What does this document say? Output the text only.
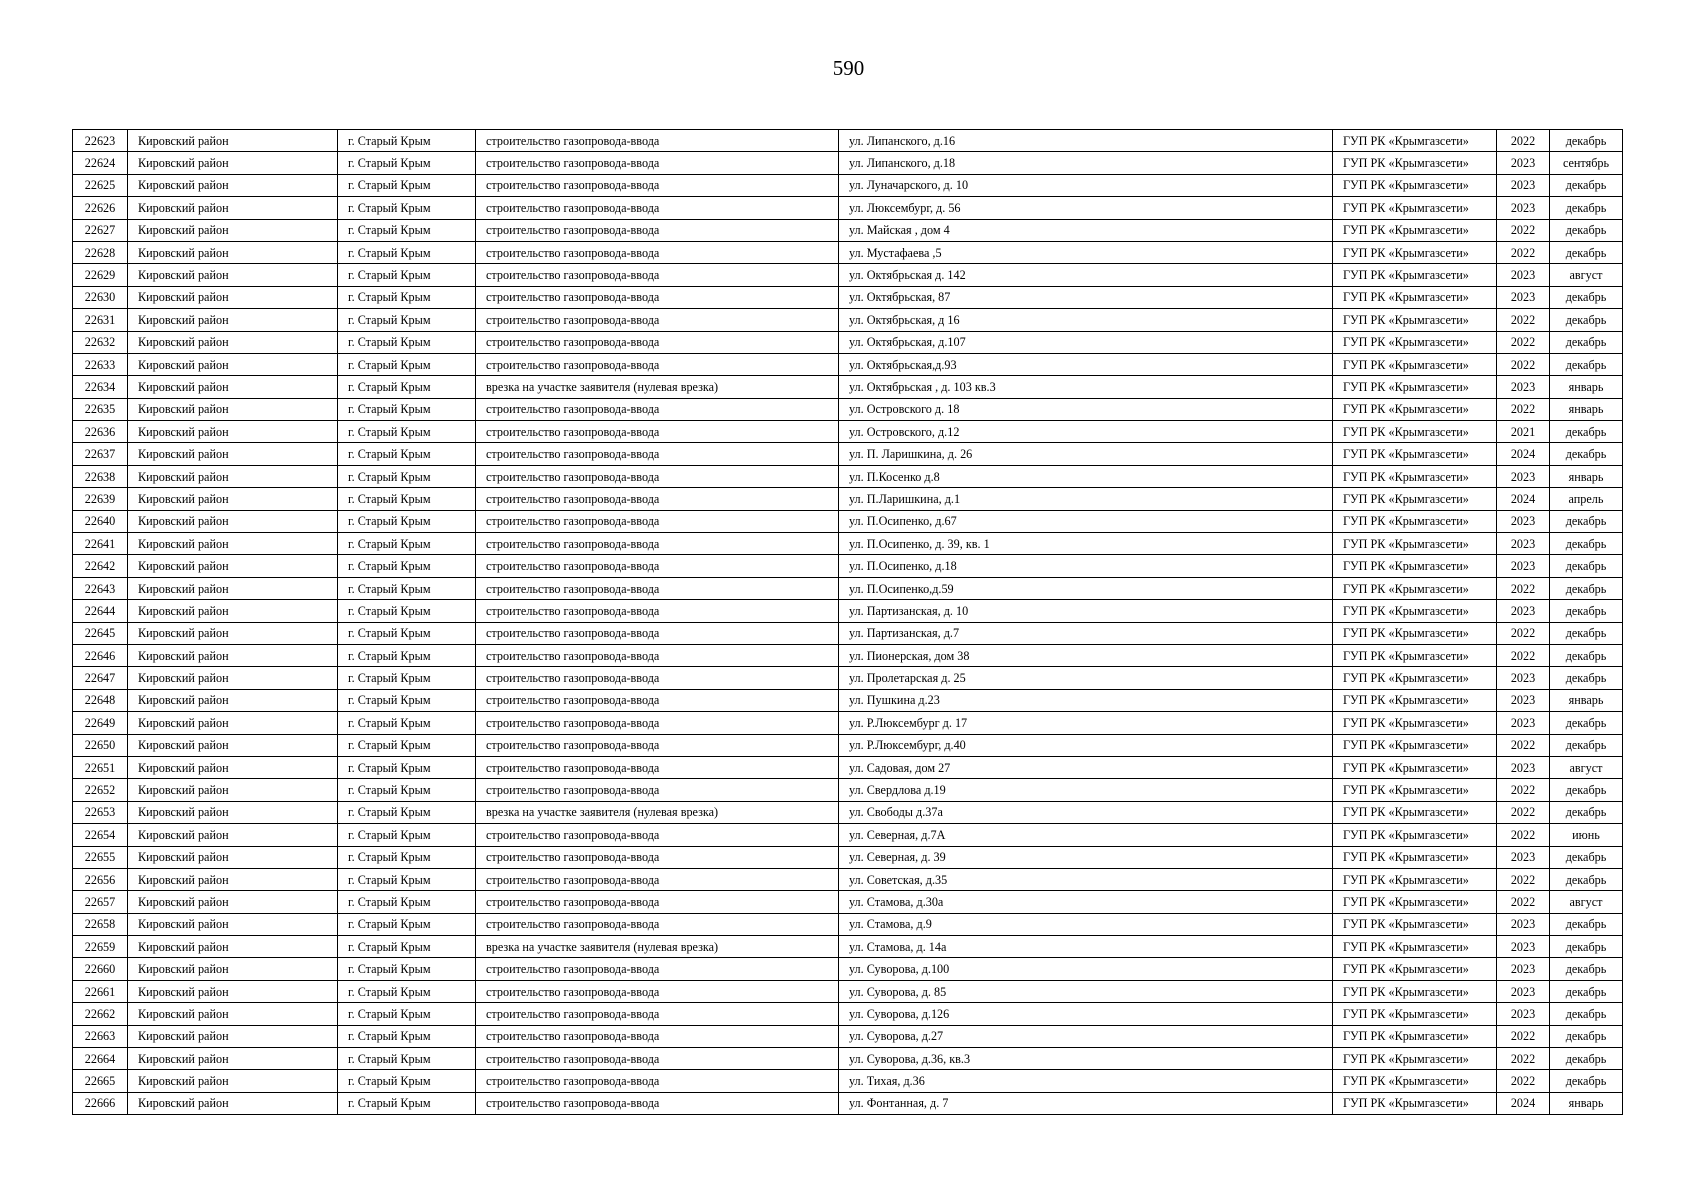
590
22623	Кировский район	г. Старый Крым	строительство газопровода-ввода	ул. Липанского, д.16	ГУП РК «Крымгазсети»	2022	декабрь
22624	Кировский район	г. Старый Крым	строительство газопровода-ввода	ул. Липанского, д.18	ГУП РК «Крымгазсети»	2023	сентябрь
22625	Кировский район	г. Старый Крым	строительство газопровода-ввода	ул. Луначарского, д. 10	ГУП РК «Крымгазсети»	2023	декабрь
22626	Кировский район	г. Старый Крым	строительство газопровода-ввода	ул. Люксембург, д. 56	ГУП РК «Крымгазсети»	2023	декабрь
22627	Кировский район	г. Старый Крым	строительство газопровода-ввода	ул. Майская , дом 4	ГУП РК «Крымгазсети»	2022	декабрь
22628	Кировский район	г. Старый Крым	строительство газопровода-ввода	ул. Мустафаева ,5	ГУП РК «Крымгазсети»	2022	декабрь
22629	Кировский район	г. Старый Крым	строительство газопровода-ввода	ул. Октябрьская д. 142	ГУП РК «Крымгазсети»	2023	август
22630	Кировский район	г. Старый Крым	строительство газопровода-ввода	ул. Октябрьская, 87	ГУП РК «Крымгазсети»	2023	декабрь
22631	Кировский район	г. Старый Крым	строительство газопровода-ввода	ул. Октябрьская, д 16	ГУП РК «Крымгазсети»	2022	декабрь
22632	Кировский район	г. Старый Крым	строительство газопровода-ввода	ул. Октябрьская, д.107	ГУП РК «Крымгазсети»	2022	декабрь
22633	Кировский район	г. Старый Крым	строительство газопровода-ввода	ул. Октябрьская,д.93	ГУП РК «Крымгазсети»	2022	декабрь
22634	Кировский район	г. Старый Крым	врезка на участке заявителя (нулевая врезка)	ул. Октябрьская , д. 103 кв.3	ГУП РК «Крымгазсети»	2023	январь
22635	Кировский район	г. Старый Крым	строительство газопровода-ввода	ул. Островского д. 18	ГУП РК «Крымгазсети»	2022	январь
22636	Кировский район	г. Старый Крым	строительство газопровода-ввода	ул. Островского, д.12	ГУП РК «Крымгазсети»	2021	декабрь
22637	Кировский район	г. Старый Крым	строительство газопровода-ввода	ул. П. Ларишкина, д. 26	ГУП РК «Крымгазсети»	2024	декабрь
22638	Кировский район	г. Старый Крым	строительство газопровода-ввода	ул. П.Косенко д.8	ГУП РК «Крымгазсети»	2023	январь
22639	Кировский район	г. Старый Крым	строительство газопровода-ввода	ул. П.Ларишкина, д.1	ГУП РК «Крымгазсети»	2024	апрель
22640	Кировский район	г. Старый Крым	строительство газопровода-ввода	ул. П.Осипенко, д.67	ГУП РК «Крымгазсети»	2023	декабрь
22641	Кировский район	г. Старый Крым	строительство газопровода-ввода	ул. П.Осипенко, д. 39, кв. 1	ГУП РК «Крымгазсети»	2023	декабрь
22642	Кировский район	г. Старый Крым	строительство газопровода-ввода	ул. П.Осипенко, д.18	ГУП РК «Крымгазсети»	2023	декабрь
22643	Кировский район	г. Старый Крым	строительство газопровода-ввода	ул. П.Осипенко,д.59	ГУП РК «Крымгазсети»	2022	декабрь
22644	Кировский район	г. Старый Крым	строительство газопровода-ввода	ул. Партизанская, д. 10	ГУП РК «Крымгазсети»	2023	декабрь
22645	Кировский район	г. Старый Крым	строительство газопровода-ввода	ул. Партизанская, д.7	ГУП РК «Крымгазсети»	2022	декабрь
22646	Кировский район	г. Старый Крым	строительство газопровода-ввода	ул. Пионерская, дом 38	ГУП РК «Крымгазсети»	2022	декабрь
22647	Кировский район	г. Старый Крым	строительство газопровода-ввода	ул. Пролетарская д. 25	ГУП РК «Крымгазсети»	2023	декабрь
22648	Кировский район	г. Старый Крым	строительство газопровода-ввода	ул. Пушкина д.23	ГУП РК «Крымгазсети»	2023	январь
22649	Кировский район	г. Старый Крым	строительство газопровода-ввода	ул. Р.Люксембург д. 17	ГУП РК «Крымгазсети»	2023	декабрь
22650	Кировский район	г. Старый Крым	строительство газопровода-ввода	ул. Р.Люксембург, д.40	ГУП РК «Крымгазсети»	2022	декабрь
22651	Кировский район	г. Старый Крым	строительство газопровода-ввода	ул. Садовая, дом 27	ГУП РК «Крымгазсети»	2023	август
22652	Кировский район	г. Старый Крым	строительство газопровода-ввода	ул. Свердлова д.19	ГУП РК «Крымгазсети»	2022	декабрь
22653	Кировский район	г. Старый Крым	врезка на участке заявителя (нулевая врезка)	ул. Свободы д.37а	ГУП РК «Крымгазсети»	2022	декабрь
22654	Кировский район	г. Старый Крым	строительство газопровода-ввода	ул. Северная, д.7А	ГУП РК «Крымгазсети»	2022	июнь
22655	Кировский район	г. Старый Крым	строительство газопровода-ввода	ул. Северная, д. 39	ГУП РК «Крымгазсети»	2023	декабрь
22656	Кировский район	г. Старый Крым	строительство газопровода-ввода	ул. Советская, д.35	ГУП РК «Крымгазсети»	2022	декабрь
22657	Кировский район	г. Старый Крым	строительство газопровода-ввода	ул. Стамова, д.30а	ГУП РК «Крымгазсети»	2022	август
22658	Кировский район	г. Старый Крым	строительство газопровода-ввода	ул. Стамова, д.9	ГУП РК «Крымгазсети»	2023	декабрь
22659	Кировский район	г. Старый Крым	врезка на участке заявителя (нулевая врезка)	ул. Стамова, д. 14а	ГУП РК «Крымгазсети»	2023	декабрь
22660	Кировский район	г. Старый Крым	строительство газопровода-ввода	ул. Суворова, д.100	ГУП РК «Крымгазсети»	2023	декабрь
22661	Кировский район	г. Старый Крым	строительство газопровода-ввода	ул. Суворова, д. 85	ГУП РК «Крымгазсети»	2023	декабрь
22662	Кировский район	г. Старый Крым	строительство газопровода-ввода	ул. Суворова, д.126	ГУП РК «Крымгазсети»	2023	декабрь
22663	Кировский район	г. Старый Крым	строительство газопровода-ввода	ул. Суворова, д.27	ГУП РК «Крымгазсети»	2022	декабрь
22664	Кировский район	г. Старый Крым	строительство газопровода-ввода	ул. Суворова, д.36, кв.3	ГУП РК «Крымгазсети»	2022	декабрь
22665	Кировский район	г. Старый Крым	строительство газопровода-ввода	ул. Тихая, д.36	ГУП РК «Крымгазсети»	2022	декабрь
22666	Кировский район	г. Старый Крым	строительство газопровода-ввода	ул. Фонтанная, д. 7	ГУП РК «Крымгазсети»	2024	январь
